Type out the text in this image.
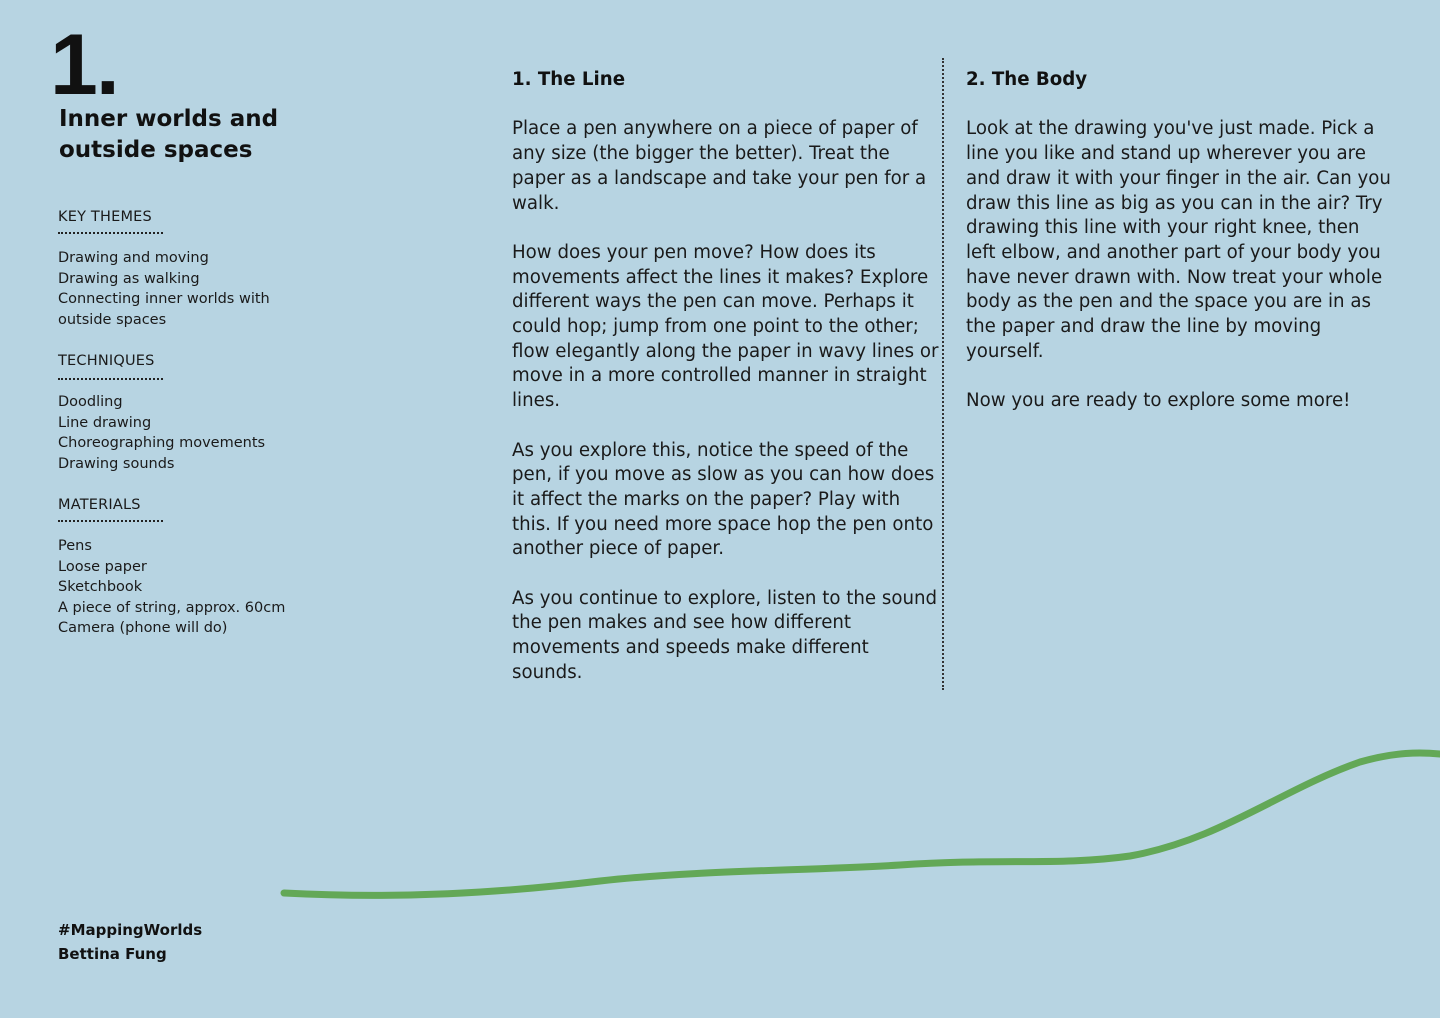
1.
Inner worlds and outside spaces
KEY THEMES
Drawing and moving
Drawing as walking
Connecting inner worlds with
outside spaces
TECHNIQUES
Doodling
Line drawing
Choreographing movements
Drawing sounds
MATERIALS
Pens
Loose paper
Sketchbook
A piece of string, approx. 60cm
Camera (phone will do)
1. The Line

Place a pen anywhere on a piece of paper of any size (the bigger the better). Treat the paper as a landscape and take your pen for a walk.

How does your pen move? How does its movements affect the lines it makes? Explore different ways the pen can move. Perhaps it could hop; jump from one point to the other; flow elegantly along the paper in wavy lines or move in a more controlled manner in straight lines.

As you explore this, notice the speed of the pen, if you move as slow as you can how does it affect the marks on the paper? Play with this. If you need more space hop the pen onto another piece of paper.

As you continue to explore, listen to the sound the pen makes and see how different movements and speeds make different sounds.

2. The Body

Look at the drawing you've just made. Pick a line you like and stand up wherever you are and draw it with your finger in the air. Can you draw this line as big as you can in the air? Try drawing this line with your right knee, then left elbow, and another part of your body you have never drawn with. Now treat your whole body as the pen and the space you are in as the paper and draw the line by moving yourself.

Now you are ready to explore some more!

#MappingWorlds
Bettina Fung
